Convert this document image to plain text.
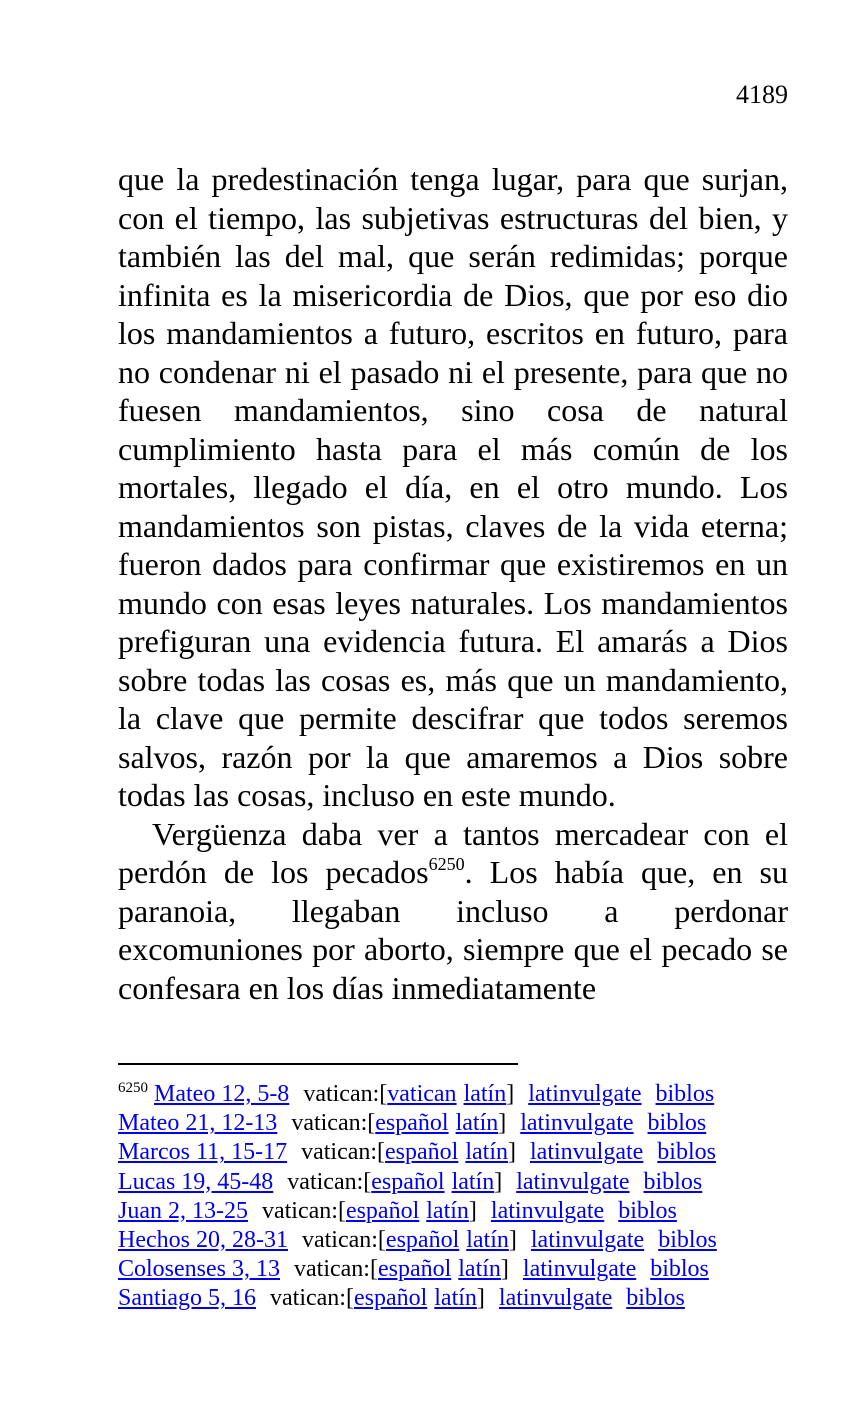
4189

que la predestinación tenga lugar, para que surjan, con el tiempo, las subjetivas estructuras del bien, y también las del mal, que serán redimidas; porque infinita es la misericordia de Dios, que por eso dio los mandamientos a futuro, escritos en futuro, para no condenar ni el pasado ni el presente, para que no fuesen mandamientos, sino cosa de natural cumplimiento hasta para el más común de los mortales, llegado el día, en el otro mundo. Los mandamientos son pistas, claves de la vida eterna; fueron dados para confirmar que existiremos en un mundo con esas leyes naturales. Los mandamientos prefiguran una evidencia futura. El amarás a Dios sobre todas las cosas es, más que un mandamiento, la clave que permite descifrar que todos seremos salvos, razón por la que amaremos a Dios sobre todas las cosas, incluso en este mundo.

Vergüenza daba ver a tantos mercadear con el perdón de los pecados$^{6250}$. Los había que, en su paranoia, llegaban incluso a perdonar excomuniones por aborto, siempre que el pecado se confesara en los días inmediatamente

$^{6250}$ Mateo 12, 5-8 vatican:[vatican latín] latinvulgate biblos
Mateo 21, 12-13 vatican:[español latín] latinvulgate biblos
Marcos 11, 15-17 vatican:[español latín] latinvulgate biblos
Lucas 19, 45-48 vatican:[español latín] latinvulgate biblos
Juan 2, 13-25 vatican:[español latín] latinvulgate biblos
Hechos 20, 28-31 vatican:[español latín] latinvulgate biblos
Colosenses 3, 13 vatican:[español latín] latinvulgate biblos
Santiago 5, 16 vatican:[español latín] latinvulgate biblos
